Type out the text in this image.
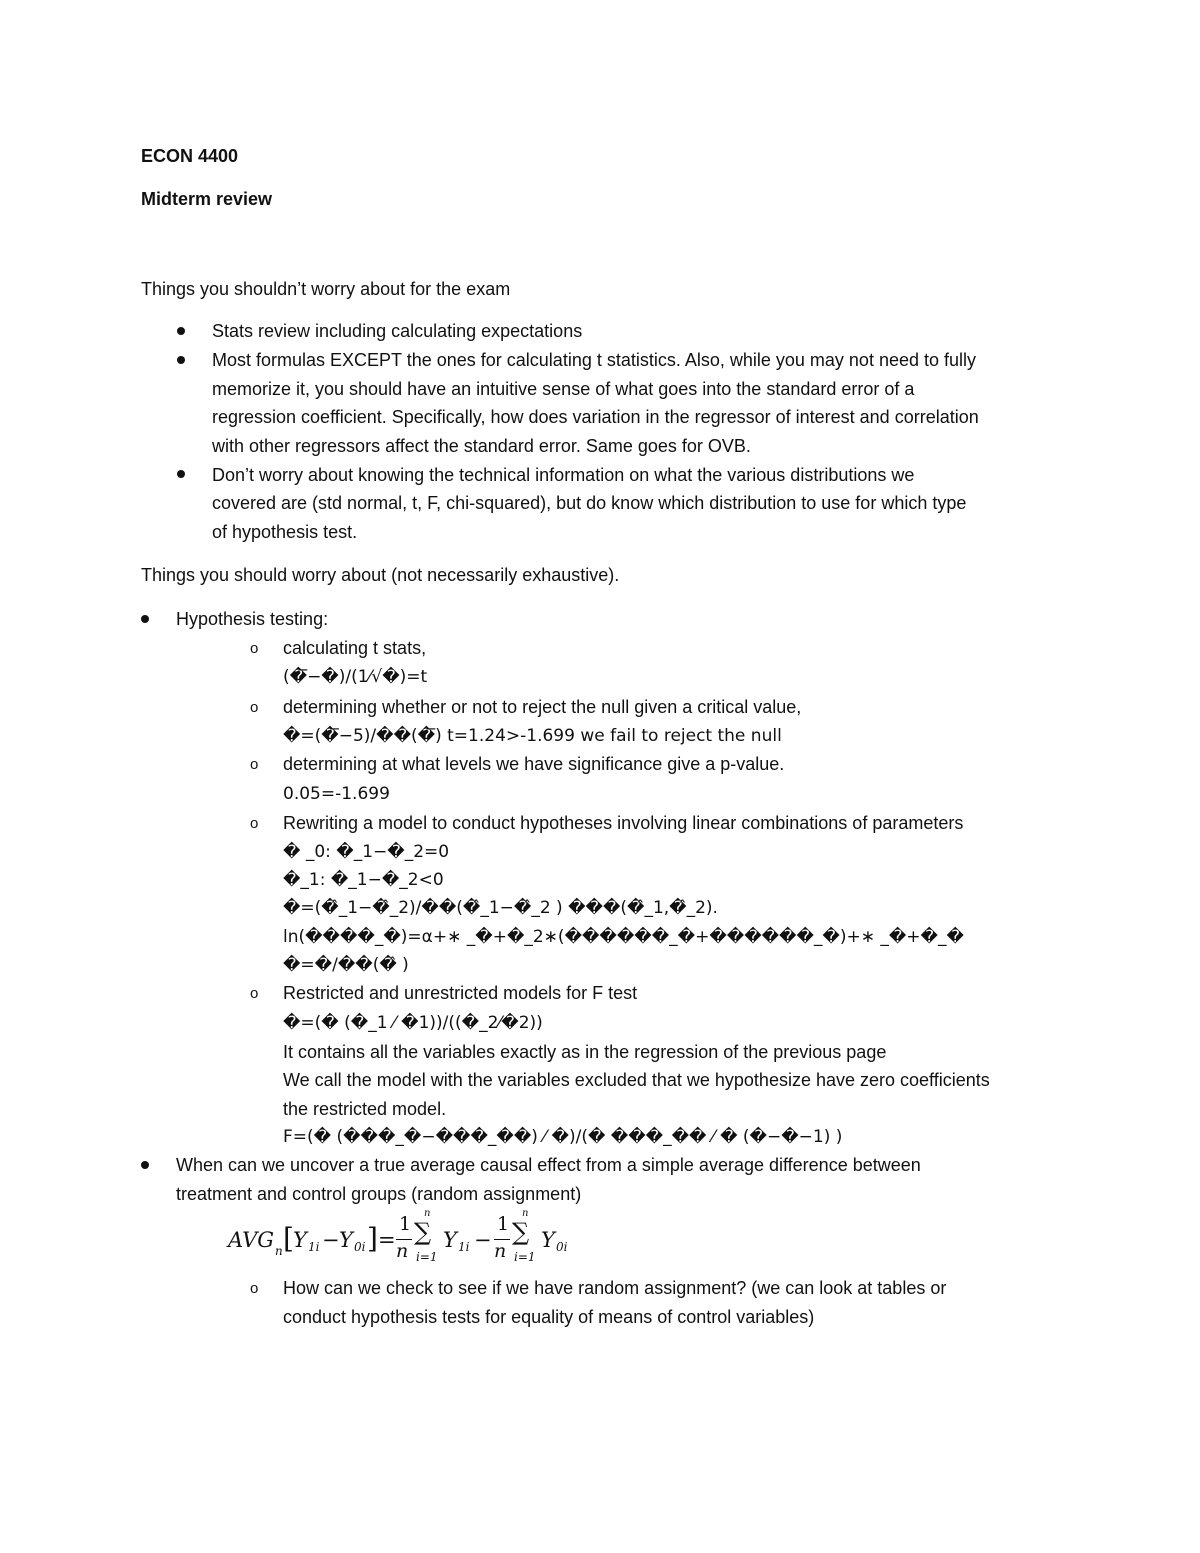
ECON 4400
Midterm review
Things you shouldn’t worry about for the exam
Stats review including calculating expectations
Most formulas EXCEPT the ones for calculating t statistics. Also, while you may not need to fully
memorize it, you should have an intuitive sense of what goes into the standard error of a
regression coefficient. Specifically, how does variation in the regressor of interest and correlation
with other regressors affect the standard error. Same goes for OVB.
Don’t worry about knowing the technical information on what the various distributions we
covered are (std normal, t, F, chi-squared), but do know which distribution to use for which type
of hypothesis test.
Things you should worry about (not necessarily exhaustive).
Hypothesis testing:
o calculating t stats,
(�̅−�)/(1⁄√�)=t
o determining whether or not to reject the null given a critical value,
�=(�̅−5)/��(�̅) t=1.24>-1.699 we fail to reject the null
o determining at what levels we have significance give a p-value.
0.05=-1.699
o Rewriting a model to conduct hypotheses involving linear combinations of parameters
� _0: �_1−�_2=0
�_1: �_1−�_2<0
�=(�̂_1−�̂_2)/��(�̂_1−�̂_2 ) ���(�̂_1,�̂_2).
ln(����_�)=α+∗ _�+�_2∗(������_�+������_�)+∗ _�+�_�
�=�/��(�̂ )
o Restricted and unrestricted models for F test
�=(� (�_1 ⁄ �1))/((�_2⁄�2))
It contains all the variables exactly as in the regression of the previous page
We call the model with the variables excluded that we hypothesize have zero coefficients
the restricted model.
F=(� (���_�−���_��) ⁄ �)/(� ���_�� ⁄ � (�−�−1) )
When can we uncover a true average causal effect from a simple average difference between
treatment and control groups (random assignment)
AVG n [ Y 1i − Y 0i ] =
1
n
n
∑
i=1
Y 1i −
1
n
n
∑
i=1
Y 0i
o How can we check to see if we have random assignment? (we can look at tables or
conduct hypothesis tests for equality of means of control variables)
